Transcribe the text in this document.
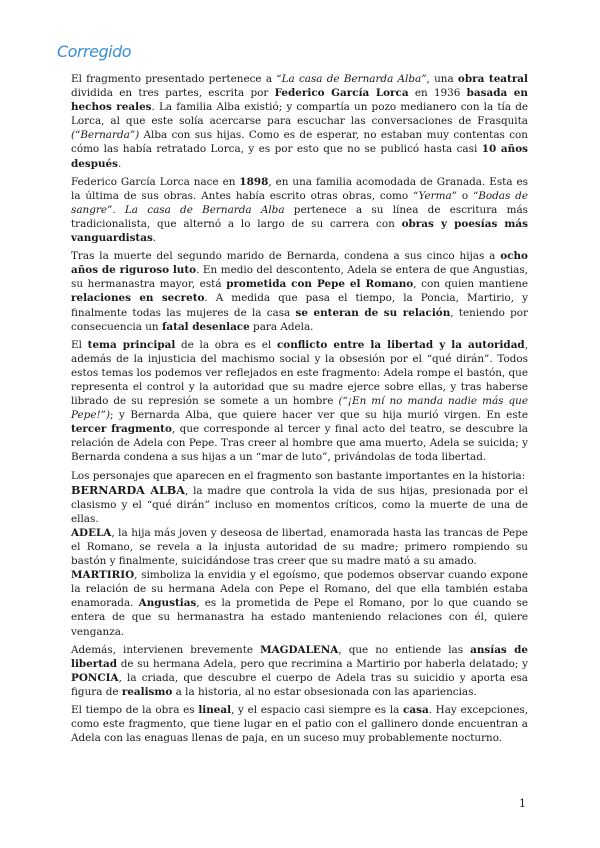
Corregido

El fragmento presentado pertenece a “La casa de Bernarda Alba”, una obra teatral dividida en tres partes, escrita por Federico García Lorca en 1936 basada en hechos reales. La familia Alba existió; y compartía un pozo medianero con la tía de Lorca, al que este solía acercarse para escuchar las conversaciones de Frasquita (“Bernarda”) Alba con sus hijas. Como es de esperar, no estaban muy contentas con cómo las había retratado Lorca, y es por esto que no se publicó hasta casi 10 años después.

Federico García Lorca nace en 1898, en una familia acomodada de Granada. Esta es la última de sus obras. Antes había escrito otras obras, como “Yerma” o “Bodas de sangre”. La casa de Bernarda Alba pertenece a su línea de escritura más tradicionalista, que alternó a lo largo de su carrera con obras y poesías más vanguardistas.

Tras la muerte del segundo marido de Bernarda, condena a sus cinco hijas a ocho años de riguroso luto. En medio del descontento, Adela se entera de que Angustias, su hermanastra mayor, está prometida con Pepe el Romano, con quien mantiene relaciones en secreto. A medida que pasa el tiempo, la Poncia, Martirio, y finalmente todas las mujeres de la casa se enteran de su relación, teniendo por consecuencia un fatal desenlace para Adela.

El tema principal de la obra es el conflicto entre la libertad y la autoridad, además de la injusticia del machismo social y la obsesión por el “qué dirán”. Todos estos temas los podemos ver reflejados en este fragmento: Adela rompe el bastón, que representa el control y la autoridad que su madre ejerce sobre ellas, y tras haberse librado de su represión se somete a un hombre (“¡En mí no manda nadie más que Pepe!”); y Bernarda Alba, que quiere hacer ver que su hija murió virgen. En este tercer fragmento, que corresponde al tercer y final acto del teatro, se descubre la relación de Adela con Pepe. Tras creer al hombre que ama muerto, Adela se suicida; y Bernarda condena a sus hijas a un “mar de luto”, privándolas de toda libertad.

Los personajes que aparecen en el fragmento son bastante importantes en la historia:

BERNARDA ALBA, la madre que controla la vida de sus hijas, presionada por el clasismo y el “qué dirán” incluso en momentos críticos, como la muerte de una de ellas.

ADELA, la hija más joven y deseosa de libertad, enamorada hasta las trancas de Pepe el Romano, se revela a la injusta autoridad de su madre; primero rompiendo su bastón y finalmente, suicidándose tras creer que su madre mató a su amado.

MARTIRIO, simboliza la envidia y el egoísmo, que podemos observar cuando expone la relación de su hermana Adela con Pepe el Romano, del que ella también estaba enamorada. Angustias, es la prometida de Pepe el Romano, por lo que cuando se entera de que su hermanastra ha estado manteniendo relaciones con él, quiere venganza.

Además, intervienen brevemente MAGDALENA, que no entiende las ansías de libertad de su hermana Adela, pero que recrimina a Martirio por haberla delatado; y PONCIA, la criada, que descubre el cuerpo de Adela tras su suicidio y aporta esa figura de realismo a la historia, al no estar obsesionada con las apariencias.

El tiempo de la obra es lineal, y el espacio casi siempre es la casa. Hay excepciones, como este fragmento, que tiene lugar en el patio con el gallinero donde encuentran a Adela con las enaguas llenas de paja, en un suceso muy probablemente nocturno.

1
